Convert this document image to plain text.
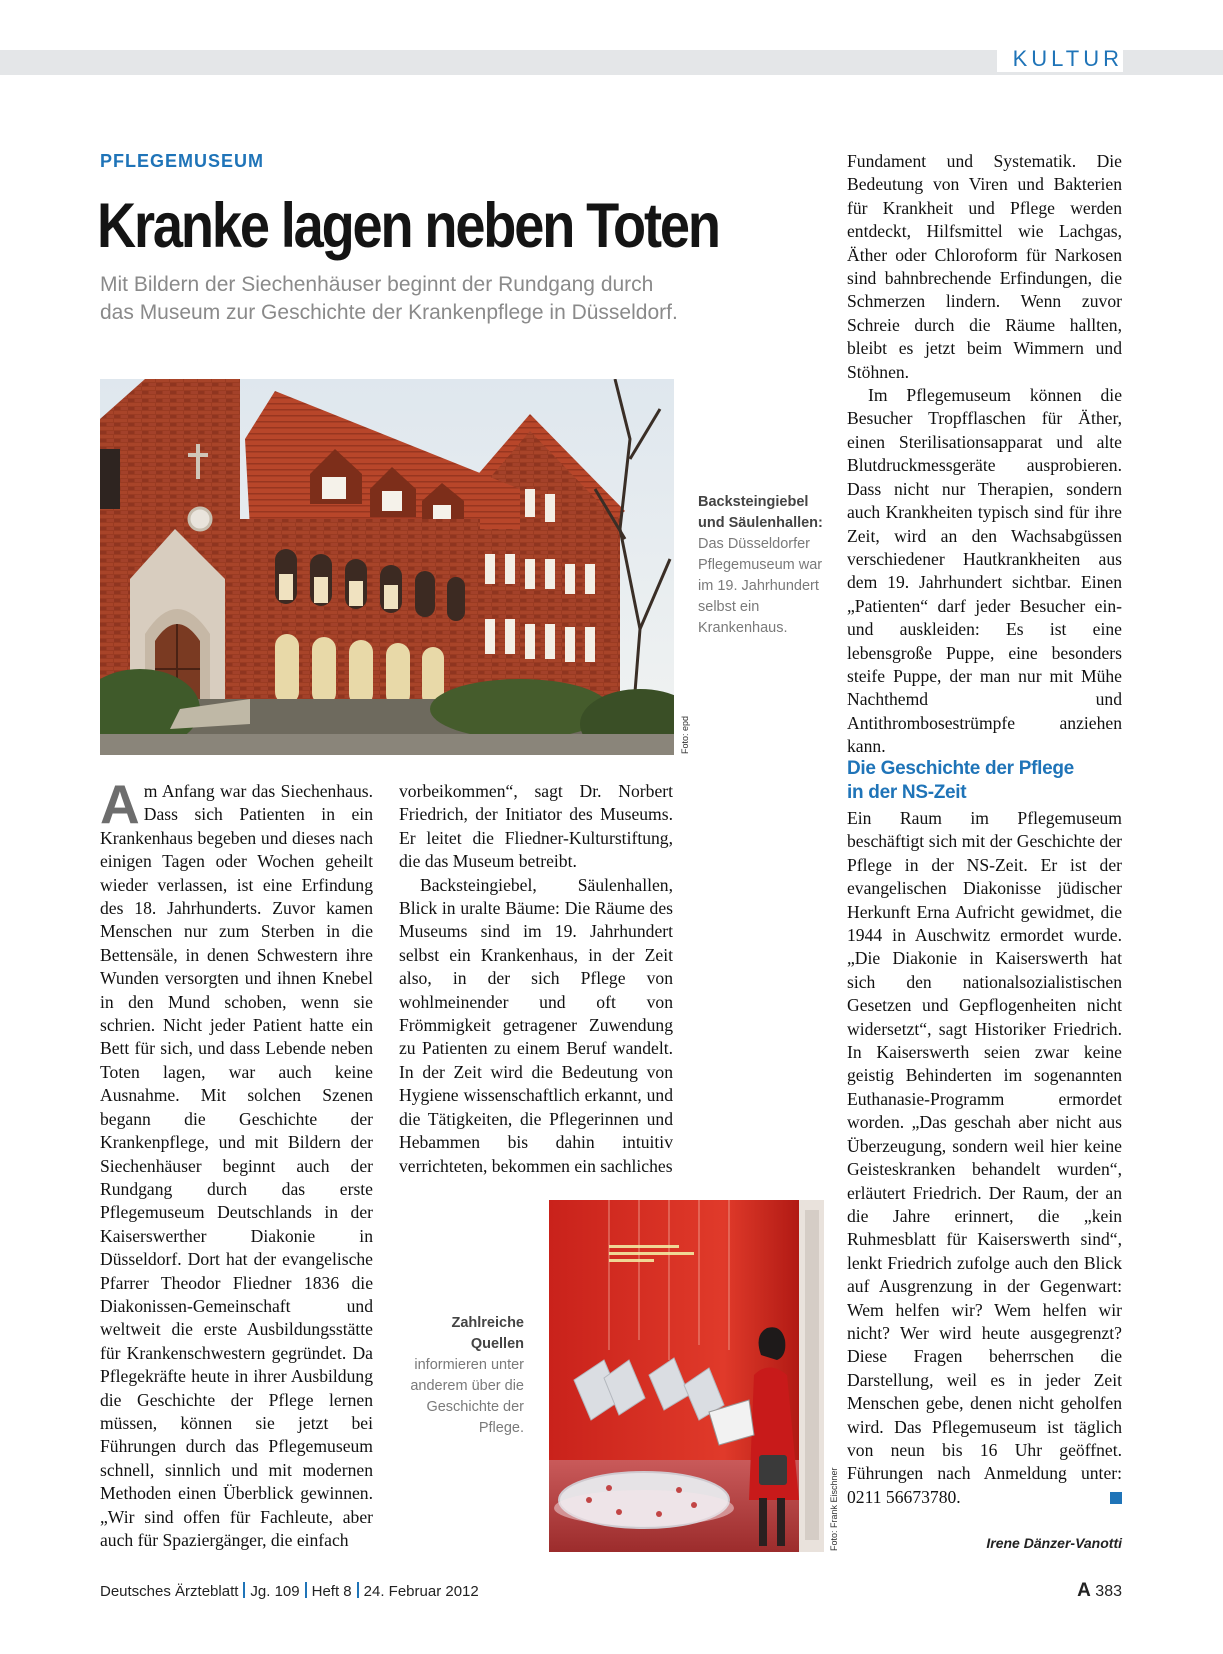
KULTUR
PFLEGEMUSEUM
Kranke lagen neben Toten

Mit Bildern der Siechenhäuser beginnt der Rundgang durch

das Museum zur Geschichte der Krankenpflege in Düsseldorf.

Foto: epd

Backsteingiebel und Säulenhallen: Das Düsseldorfer Pflegemuseum war im 19. Jahrhundert selbst ein Krankenhaus.

Am Anfang war das Siechenhaus. Dass sich Patienten in ein Krankenhaus begeben und dieses nach einigen Tagen oder Wochen geheilt wieder verlassen, ist eine Erfindung des 18. Jahrhunderts. Zuvor kamen Menschen nur zum Sterben in die Bettensäle, in denen Schwestern ihre Wunden versorgten und ihnen Knebel in den Mund schoben, wenn sie schrien. Nicht jeder Patient hatte ein Bett für sich, und dass Lebende neben Toten lagen, war auch keine Ausnahme. Mit solchen Szenen begann die Geschichte der Krankenpflege, und mit Bildern der Siechenhäuser beginnt auch der Rundgang durch das erste Pflegemuseum Deutschlands in der Kaiserswerther Diakonie in Düsseldorf. Dort hat der evangelische Pfarrer Theodor Fliedner 1836 die Diakonissen-Gemeinschaft und weltweit die erste Ausbildungsstätte für Krankenschwestern gegründet. Da Pflegekräfte heute in ihrer Ausbildung die Geschichte der Pflege lernen müssen, können sie jetzt bei Führungen durch das Pflegemuseum schnell, sinnlich und mit modernen Methoden einen Überblick gewinnen. „Wir sind offen für Fachleute, aber auch für Spaziergänger, die einfach

vorbeikommen“, sagt Dr. Norbert Friedrich, der Initiator des Museums. Er leitet die Fliedner-Kulturstiftung, die das Museum betreibt.

Backsteingiebel, Säulenhallen, Blick in uralte Bäume: Die Räume des Museums sind im 19. Jahrhundert selbst ein Krankenhaus, in der Zeit also, in der sich Pflege von wohlmeinender und oft von Frömmigkeit getragener Zuwendung zu Patienten zu einem Beruf wandelt. In der Zeit wird die Bedeutung von Hygiene wissenschaftlich erkannt, und die Tätigkeiten, die Pflegerinnen und Hebammen bis dahin intuitiv verrichteten, bekommen ein sachliches

Fundament und Systematik. Die Bedeutung von Viren und Bakterien für Krankheit und Pflege werden entdeckt, Hilfsmittel wie Lachgas, Äther oder Chloroform für Narkosen sind bahnbrechende Erfindungen, die Schmerzen lindern. Wenn zuvor Schreie durch die Räume hallten, bleibt es jetzt beim Wimmern und Stöhnen.

Im Pflegemuseum können die Besucher Tropfflaschen für Äther, einen Sterilisationsapparat und alte Blutdruckmessgeräte ausprobieren. Dass nicht nur Therapien, sondern auch Krankheiten typisch sind für ihre Zeit, wird an den Wachsabgüssen verschiedener Hautkrankheiten aus dem 19. Jahrhundert sichtbar. Einen „Patienten“ darf jeder Besucher ein- und auskleiden: Es ist eine lebensgroße Puppe, eine besonders steife Puppe, der man nur mit Mühe Nachthemd und Antithrombosestrümpfe anziehen kann.

Die Geschichte der Pflege

in der NS-Zeit

Ein Raum im Pflegemuseum beschäftigt sich mit der Geschichte der Pflege in der NS-Zeit. Er ist der evangelischen Diakonisse jüdischer Herkunft Erna Aufricht gewidmet, die 1944 in Auschwitz ermordet wurde. „Die Diakonie in Kaiserswerth hat sich den nationalsozialistischen Gesetzen und Gepflogenheiten nicht widersetzt“, sagt Historiker Friedrich. In Kaiserswerth seien zwar keine geistig Behinderten im sogenannten Euthanasie-Programm ermordet worden. „Das geschah aber nicht aus Überzeugung, sondern weil hier keine Geisteskranken behandelt wurden“, erläutert Friedrich. Der Raum, der an die Jahre erinnert, die „kein Ruhmesblatt für Kaiserswerth sind“, lenkt Friedrich zufolge auch den Blick auf Ausgrenzung in der Gegenwart: Wem helfen wir? Wem helfen wir nicht? Wer wird heute ausgegrenzt? Diese Fragen beherrschen die Darstellung, weil es in jeder Zeit Menschen gebe, denen nicht geholfen wird. Das Pflegemuseum ist täglich von neun bis 16 Uhr geöffnet. Führungen nach Anmeldung unter: 0211 56673780.

Irene Dänzer-Vanotti
Foto: Frank Eischner

Zahlreiche Quellen informieren unter anderem über die Geschichte der Pflege.

Deutsches Ärzteblatt Jg. 109 Heft 8 24. Februar 2012	A 383
